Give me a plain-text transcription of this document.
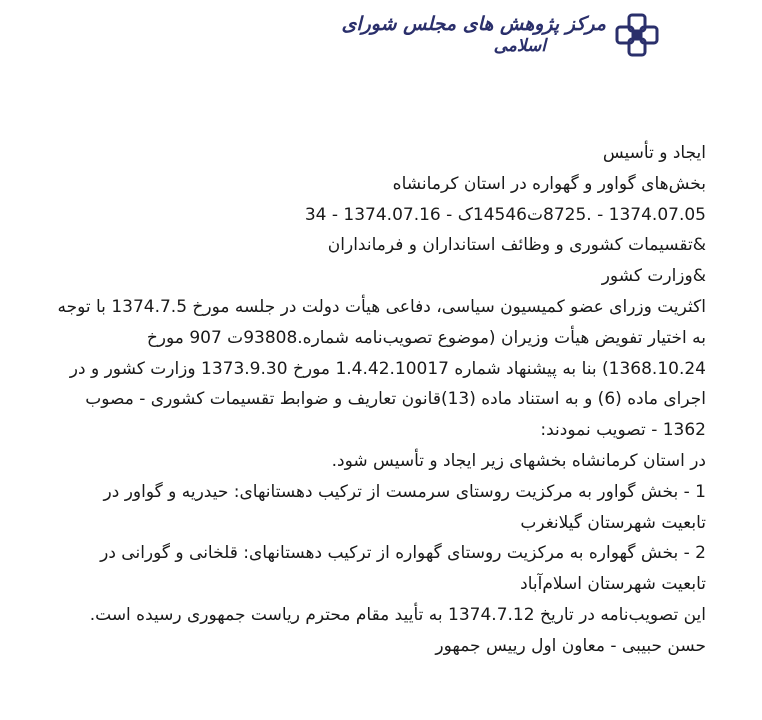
مرکز پژوهش های مجلس شورای
اسلامی
ایجاد و تأسیس
بخش‌های گواور و گهواره در استان کرمانشاه
1374.07.05 - .8725ت14546ک - 1374.07.16 - 34
&تقسیمات کشوری و وظائف استانداران و فرمانداران
&وزارت کشور
اکثریت وزرای عضو کمیسیون سیاسی، دفاعی هیأت دولت در جلسه مورخ 1374.7.5 با توجه
به اختیار تفویض هیأت وزیران (موضوع تصویب‌نامه شماره.93808ت 907 مورخ
1368.10.24) بنا به پیشنهاد شماره 1.4.42.10017 مورخ 1373.9.30 وزارت کشور و در
اجرای ماده (6) و به استناد ماده (13)قانون تعاریف و ضوابط تقسیمات کشوری - مصوب
1362 - تصویب نمودند:
در استان کرمانشاه بخشهای زیر ایجاد و تأسیس شود.
1 - بخش گواور به مرکزیت روستای سرمست از ترکیب دهستانهای: حیدریه و گواور در
تابعیت شهرستان گیلانغرب
2 - بخش گهواره به مرکزیت روستای گهواره از ترکیب دهستانهای: قلخانی و گورانی در
تابعیت شهرستان اسلام‌آباد
این تصویب‌نامه در تاریخ 1374.7.12 به تأیید مقام محترم ریاست جمهوری رسیده است.
حسن حبیبی - معاون اول رییس جمهور
